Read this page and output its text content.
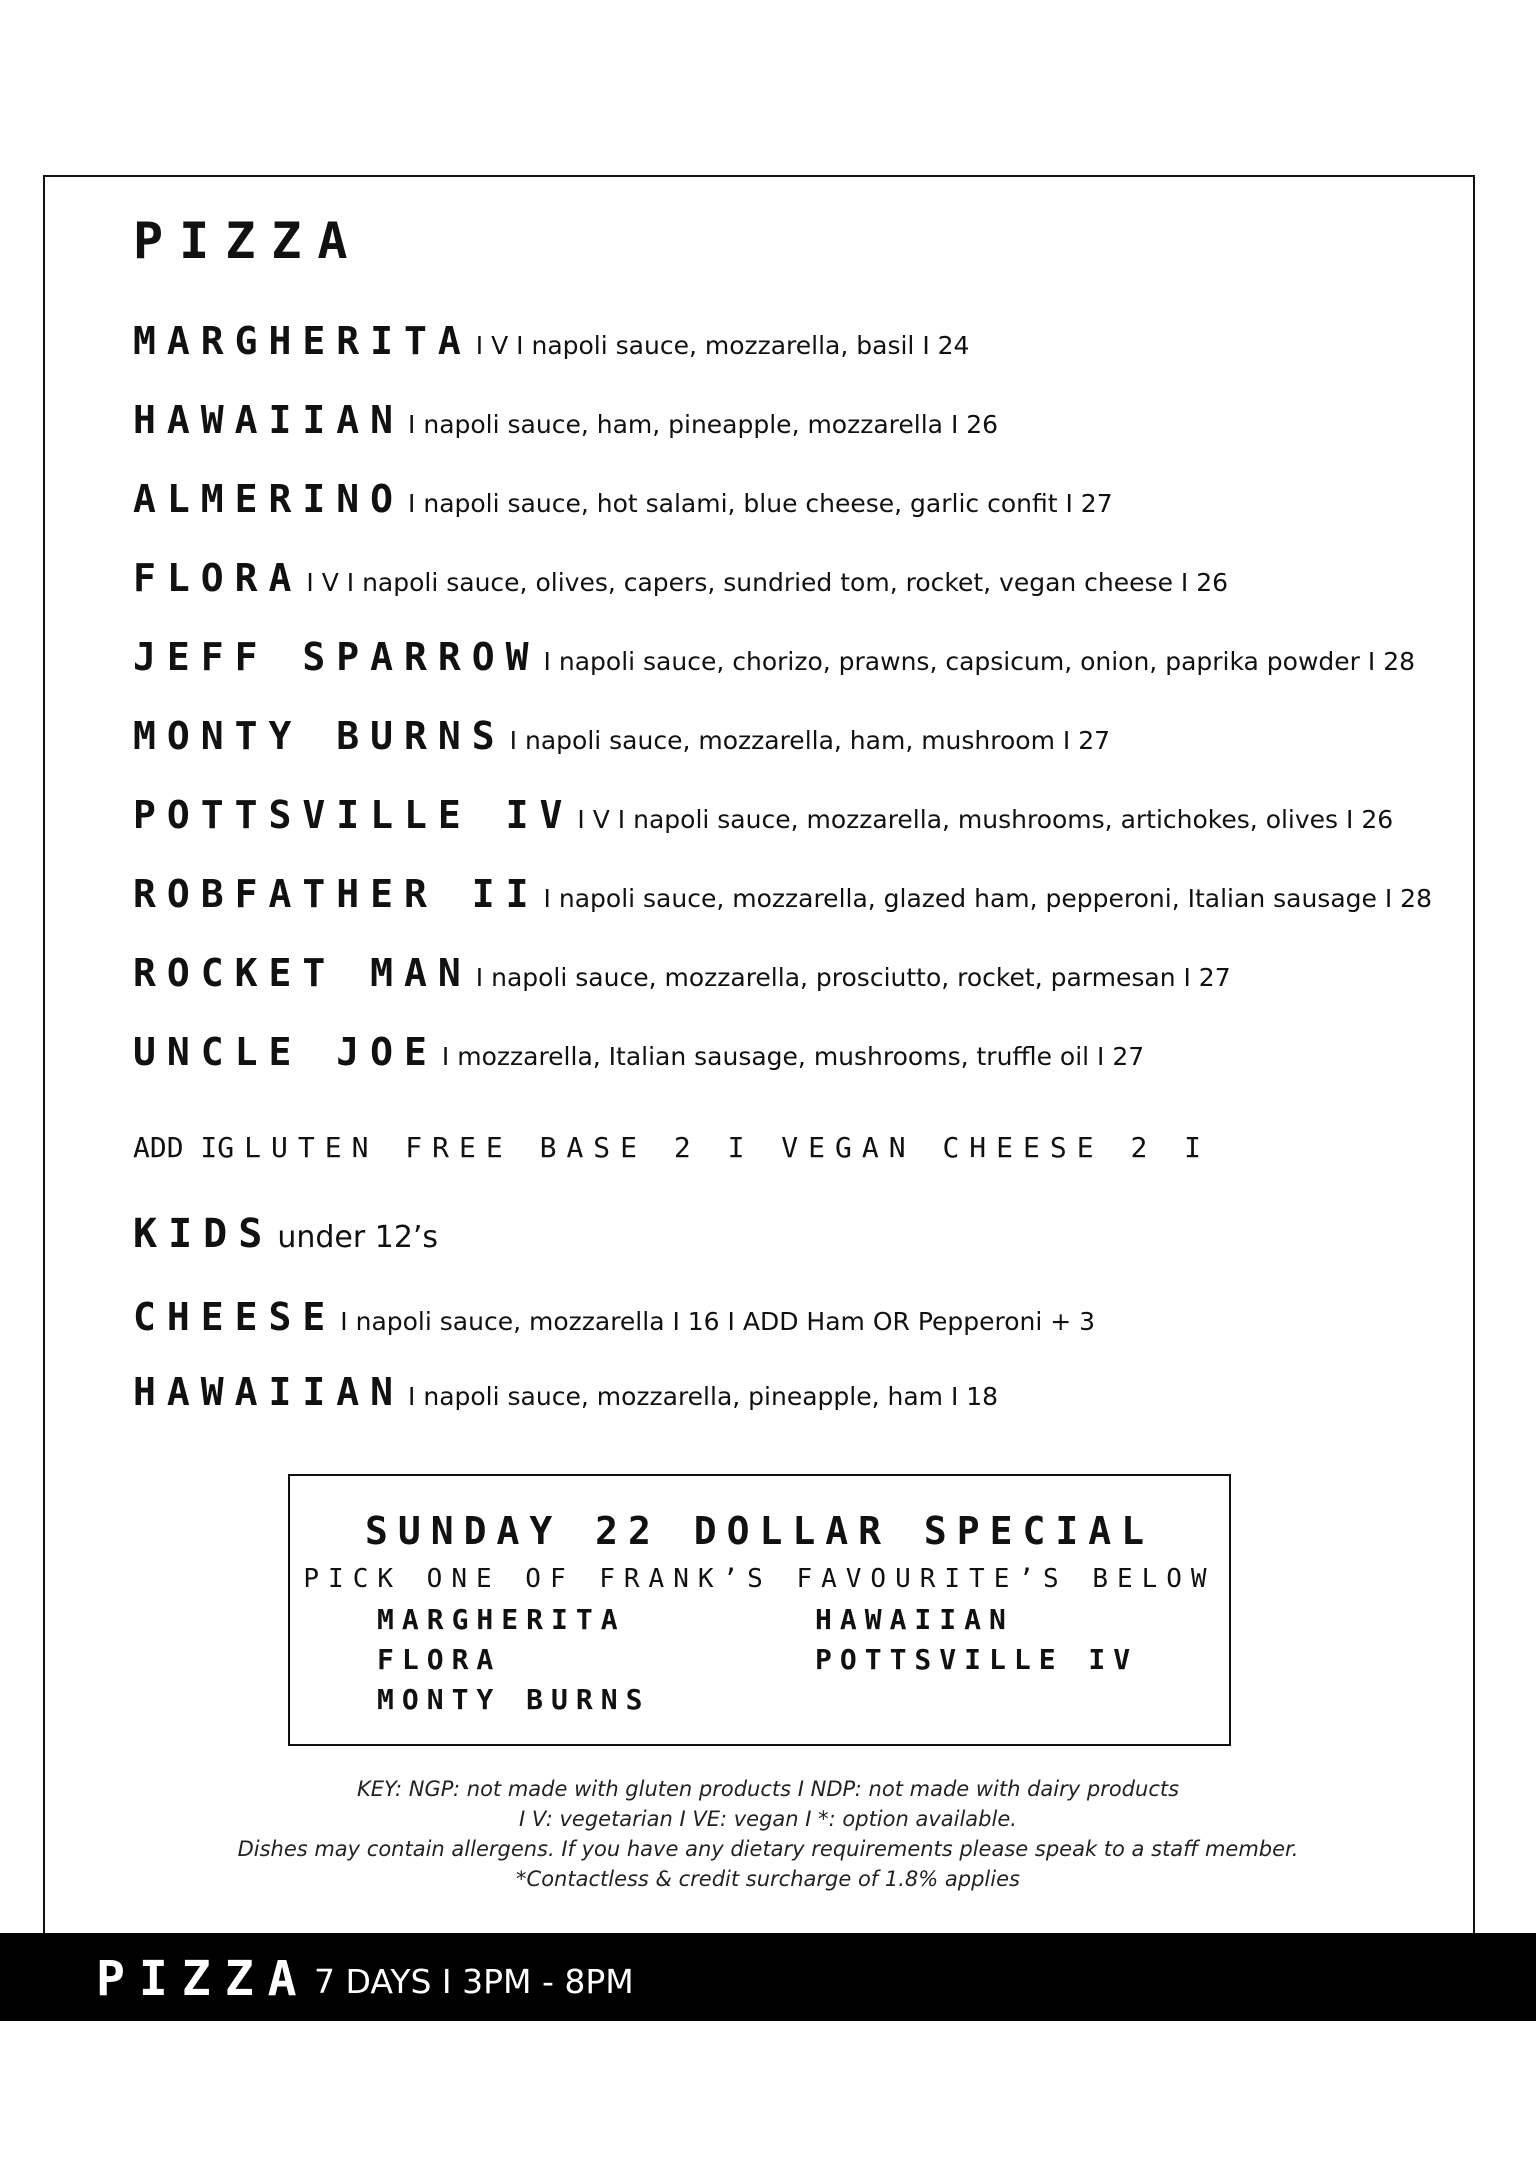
PIZZA
MARGHERITA I V I napoli sauce, mozzarella, basil I 24
HAWAIIAN I napoli sauce, ham, pineapple, mozzarella I 26
ALMERINO I napoli sauce, hot salami, blue cheese, garlic confit I 27
FLORA I V I napoli sauce, olives, capers, sundried tom, rocket, vegan cheese I 26
JEFF SPARROW I napoli sauce, chorizo, prawns, capsicum, onion, paprika powder I 28
MONTY BURNS I napoli sauce, mozzarella, ham, mushroom I 27
POTTSVILLE IV I V I napoli sauce, mozzarella, mushrooms, artichokes, olives I 26
ROBFATHER II I napoli sauce, mozzarella, glazed ham, pepperoni, Italian sausage I 28
ROCKET MAN I napoli sauce, mozzarella, prosciutto, rocket, parmesan I 27
UNCLE JOE I mozzarella, Italian sausage, mushrooms, truffle oil I 27
ADD IGLUTEN FREE BASE 2 I VEGAN CHEESE 2 I
KIDS under 12’s
CHEESE I napoli sauce, mozzarella I 16 I ADD Ham OR Pepperoni + 3
HAWAIIAN I napoli sauce, mozzarella, pineapple, ham I 18
SUNDAY 22 DOLLAR SPECIAL
PICK ONE OF FRANK’S FAVOURITE’S BELOW
MARGHERITA	HAWAIIAN
FLORA	POTTSVILLE IV
MONTY BURNS
KEY: NGP: not made with gluten products I NDP: not made with dairy products
I V: vegetarian I VE: vegan I *: option available.
Dishes may contain allergens. If you have any dietary requirements please speak to a staff member.
*Contactless & credit surcharge of 1.8% applies
PIZZA 7 DAYS I 3PM - 8PM
